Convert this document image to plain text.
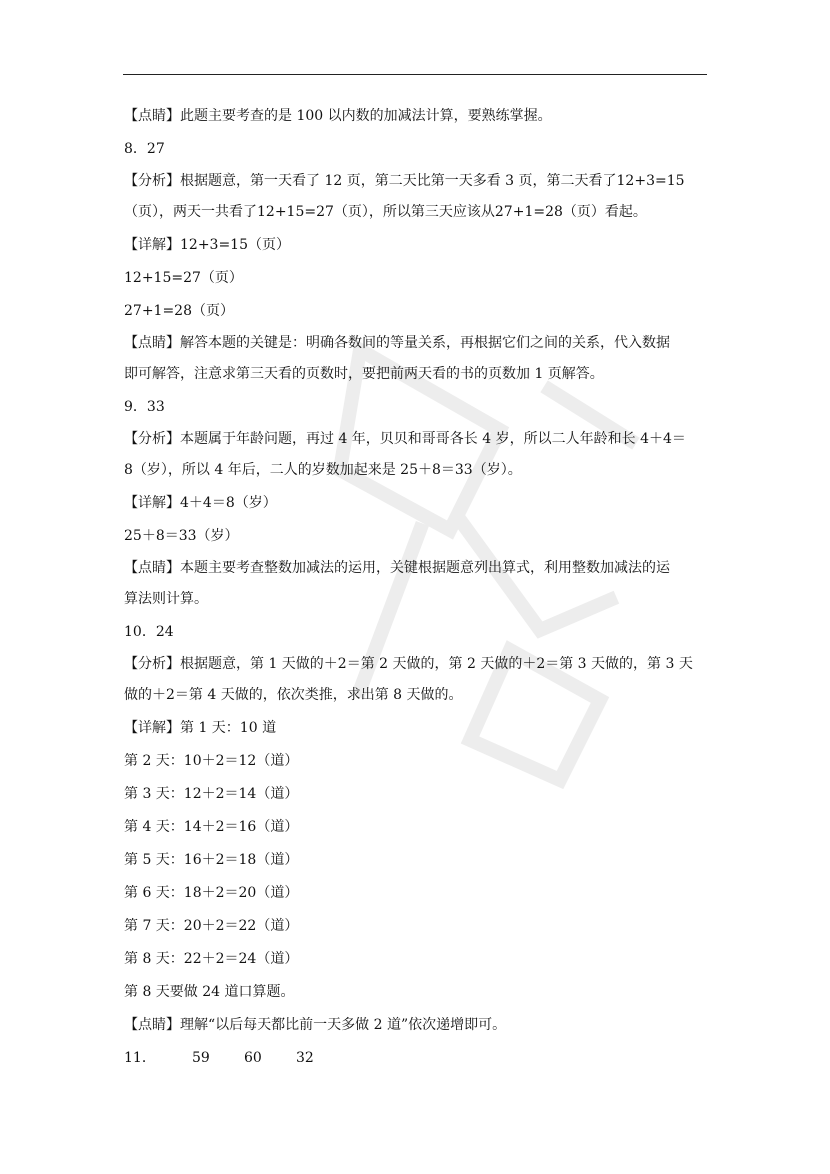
【点睛】此题主要考查的是 100 以内数的加减法计算，要熟练掌握。
8．27
【分析】根据题意，第一天看了 12 页，第二天比第一天多看 3 页，第二天看了12+3=15
（页），两天一共看了12+15=27（页），所以第三天应该从27+1=28（页）看起。
【详解】12+3=15（页）
12+15=27（页）
27+1=28（页）
【点睛】解答本题的关键是：明确各数间的等量关系，再根据它们之间的关系，代入数据
即可解答，注意求第三天看的页数时，要把前两天看的书的页数加 1 页解答。
9．33
【分析】本题属于年龄问题，再过 4 年，贝贝和哥哥各长 4 岁，所以二人年龄和长 4＋4＝
8（岁），所以 4 年后，二人的岁数加起来是 25＋8＝33（岁）。
【详解】4＋4＝8（岁）
25＋8＝33（岁）
【点睛】本题主要考查整数加减法的运用，关键根据题意列出算式，利用整数加减法的运
算法则计算。
10．24
【分析】根据题意，第 1 天做的＋2＝第 2 天做的，第 2 天做的＋2＝第 3 天做的，第 3 天
做的＋2＝第 4 天做的，依次类推，求出第 8 天做的。
【详解】第 1 天：10 道
第 2 天：10＋2＝12（道）
第 3 天：12＋2＝14（道）
第 4 天：14＋2＝16（道）
第 5 天：16＋2＝18（道）
第 6 天：18＋2＝20（道）
第 7 天：20＋2＝22（道）
第 8 天：22＋2＝24（道）
第 8 天要做 24 道口算题。
【点睛】理解“以后每天都比前一天多做 2 道”依次递增即可。
11．	59 60 32
